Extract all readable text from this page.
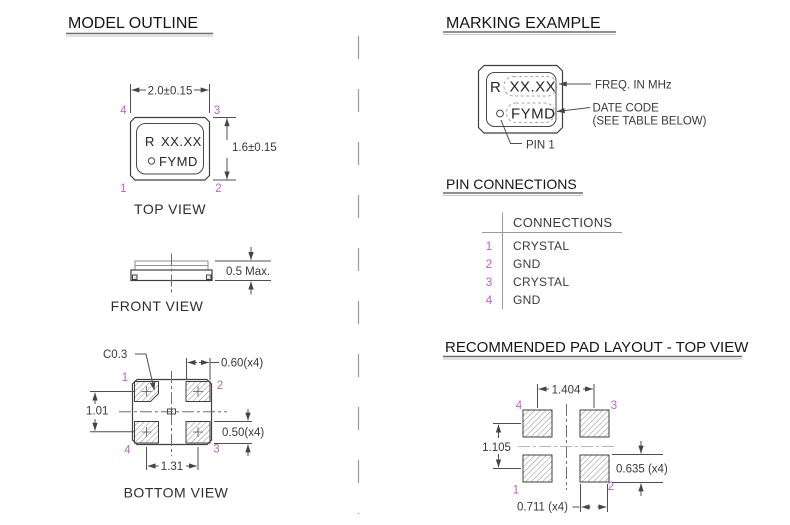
MODEL OUTLINE
2.0±0.15
R XX.XX
FYMD
4	3
1	2
1.6±0.15
TOP VIEW
0.5 Max.
FRONT VIEW
1
2
4	3
C0.3
0.60(x4)
1.01
0.50(x4)
1.31
BOTTOM VIEW
MARKING EXAMPLE
R XX.XX
FYMD
FREQ. IN MHz
DATE CODE
(SEE TABLE BELOW)
PIN 1
PIN CONNECTIONS
CONNECTIONS
1 CRYSTAL
2 GND
3 CRYSTAL
4 GND
RECOMMENDED PAD LAYOUT - TOP VIEW
4	3
1	2
1.404
1.105
0.635 (x4)
0.711 (x4)
